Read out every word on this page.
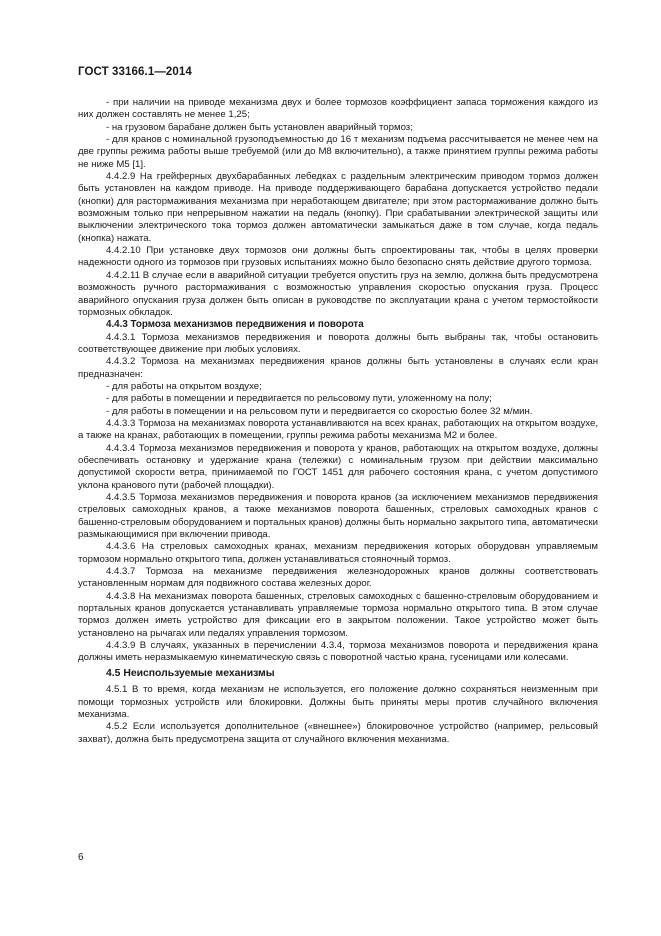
ГОСТ 33166.1—2014

- при наличии на приводе механизма двух и более тормозов коэффициент запаса торможения каждого из них должен составлять не менее 1,25;

- на грузовом барабане должен быть установлен аварийный тормоз;

- для кранов с номинальной грузоподъемностью до 16 т механизм подъема рассчитывается не менее чем на две группы режима работы выше требуемой (или до М8 включительно), а также принятием группы режима работы не ниже М5 [1].

4.4.2.9 На грейферных двухбарабанных лебедках с раздельным электрическим приводом тормоз должен быть установлен на каждом приводе. На приводе поддерживающего барабана допускается устройство педали (кнопки) для растормаживания механизма при неработающем двигателе; при этом растормаживание должно быть возможным только при непрерывном нажатии на педаль (кнопку). При срабатывании электрической защиты или выключении электрического тока тормоз должен автоматически замыкаться даже в том случае, когда педаль (кнопка) нажата.

4.4.2.10 При установке двух тормозов они должны быть спроектированы так, чтобы в целях проверки надежности одного из тормозов при грузовых испытаниях можно было безопасно снять действие другого тормоза.

4.4.2.11 В случае если в аварийной ситуации требуется опустить груз на землю, должна быть предусмотрена возможность ручного растормаживания с возможностью управления скоростью опускания груза. Процесс аварийного опускания груза должен быть описан в руководстве по эксплуатации крана с учетом термостойкости тормозных обкладок.

4.4.3 Тормоза механизмов передвижения и поворота

4.4.3.1 Тормоза механизмов передвижения и поворота должны быть выбраны так, чтобы остановить соответствующее движение при любых условиях.

4.4.3.2 Тормоза на механизмах передвижения кранов должны быть установлены в случаях если кран предназначен:

- для работы на открытом воздухе;

- для работы в помещении и передвигается по рельсовому пути, уложенному на полу;

- для работы в помещении и на рельсовом пути и передвигается со скоростью более 32 м/мин.

4.4.3.3 Тормоза на механизмах поворота устанавливаются на всех кранах, работающих на открытом воздухе, а также на кранах, работающих в помещении, группы режима работы механизма М2 и более.

4.4.3.4 Тормоза механизмов передвижения и поворота у кранов, работающих на открытом воздухе, должны обеспечивать остановку и удержание крана (тележки) с номинальным грузом при действии максимально допустимой скорости ветра, принимаемой по ГОСТ 1451 для рабочего состояния крана, с учетом допустимого уклона кранового пути (рабочей площадки).

4.4.3.5 Тормоза механизмов передвижения и поворота кранов (за исключением механизмов передвижения стреловых самоходных кранов, а также механизмов поворота башенных, стреловых самоходных кранов с башенно-стреловым оборудованием и портальных кранов) должны быть нормально закрытого типа, автоматически размыкающимися при включении привода.

4.4.3.6 На стреловых самоходных кранах, механизм передвижения которых оборудован управляемым тормозом нормально открытого типа, должен устанавливаться стояночный тормоз.

4.4.3.7 Тормоза на механизме передвижения железнодорожных кранов должны соответствовать установленным нормам для подвижного состава железных дорог.

4.4.3.8 На механизмах поворота башенных, стреловых самоходных с башенно-стреловым оборудованием и портальных кранов допускается устанавливать управляемые тормоза нормально открытого типа. В этом случае тормоз должен иметь устройство для фиксации его в закрытом положении. Такое устройство может быть установлено на рычагах или педалях управления тормозом.

4.4.3.9 В случаях, указанных в перечислении 4.3.4, тормоза механизмов поворота и передвижения крана должны иметь неразмыкаемую кинематическую связь с поворотной частью крана, гусеницами или колесами.

4.5 Неиспользуемые механизмы

4.5.1 В то время, когда механизм не используется, его положение должно сохраняться неизменным при помощи тормозных устройств или блокировки. Должны быть приняты меры против случайного включения механизма.

4.5.2 Если используется дополнительное («внешнее») блокировочное устройство (например, рельсовый захват), должна быть предусмотрена защита от случайного включения механизма.

6
